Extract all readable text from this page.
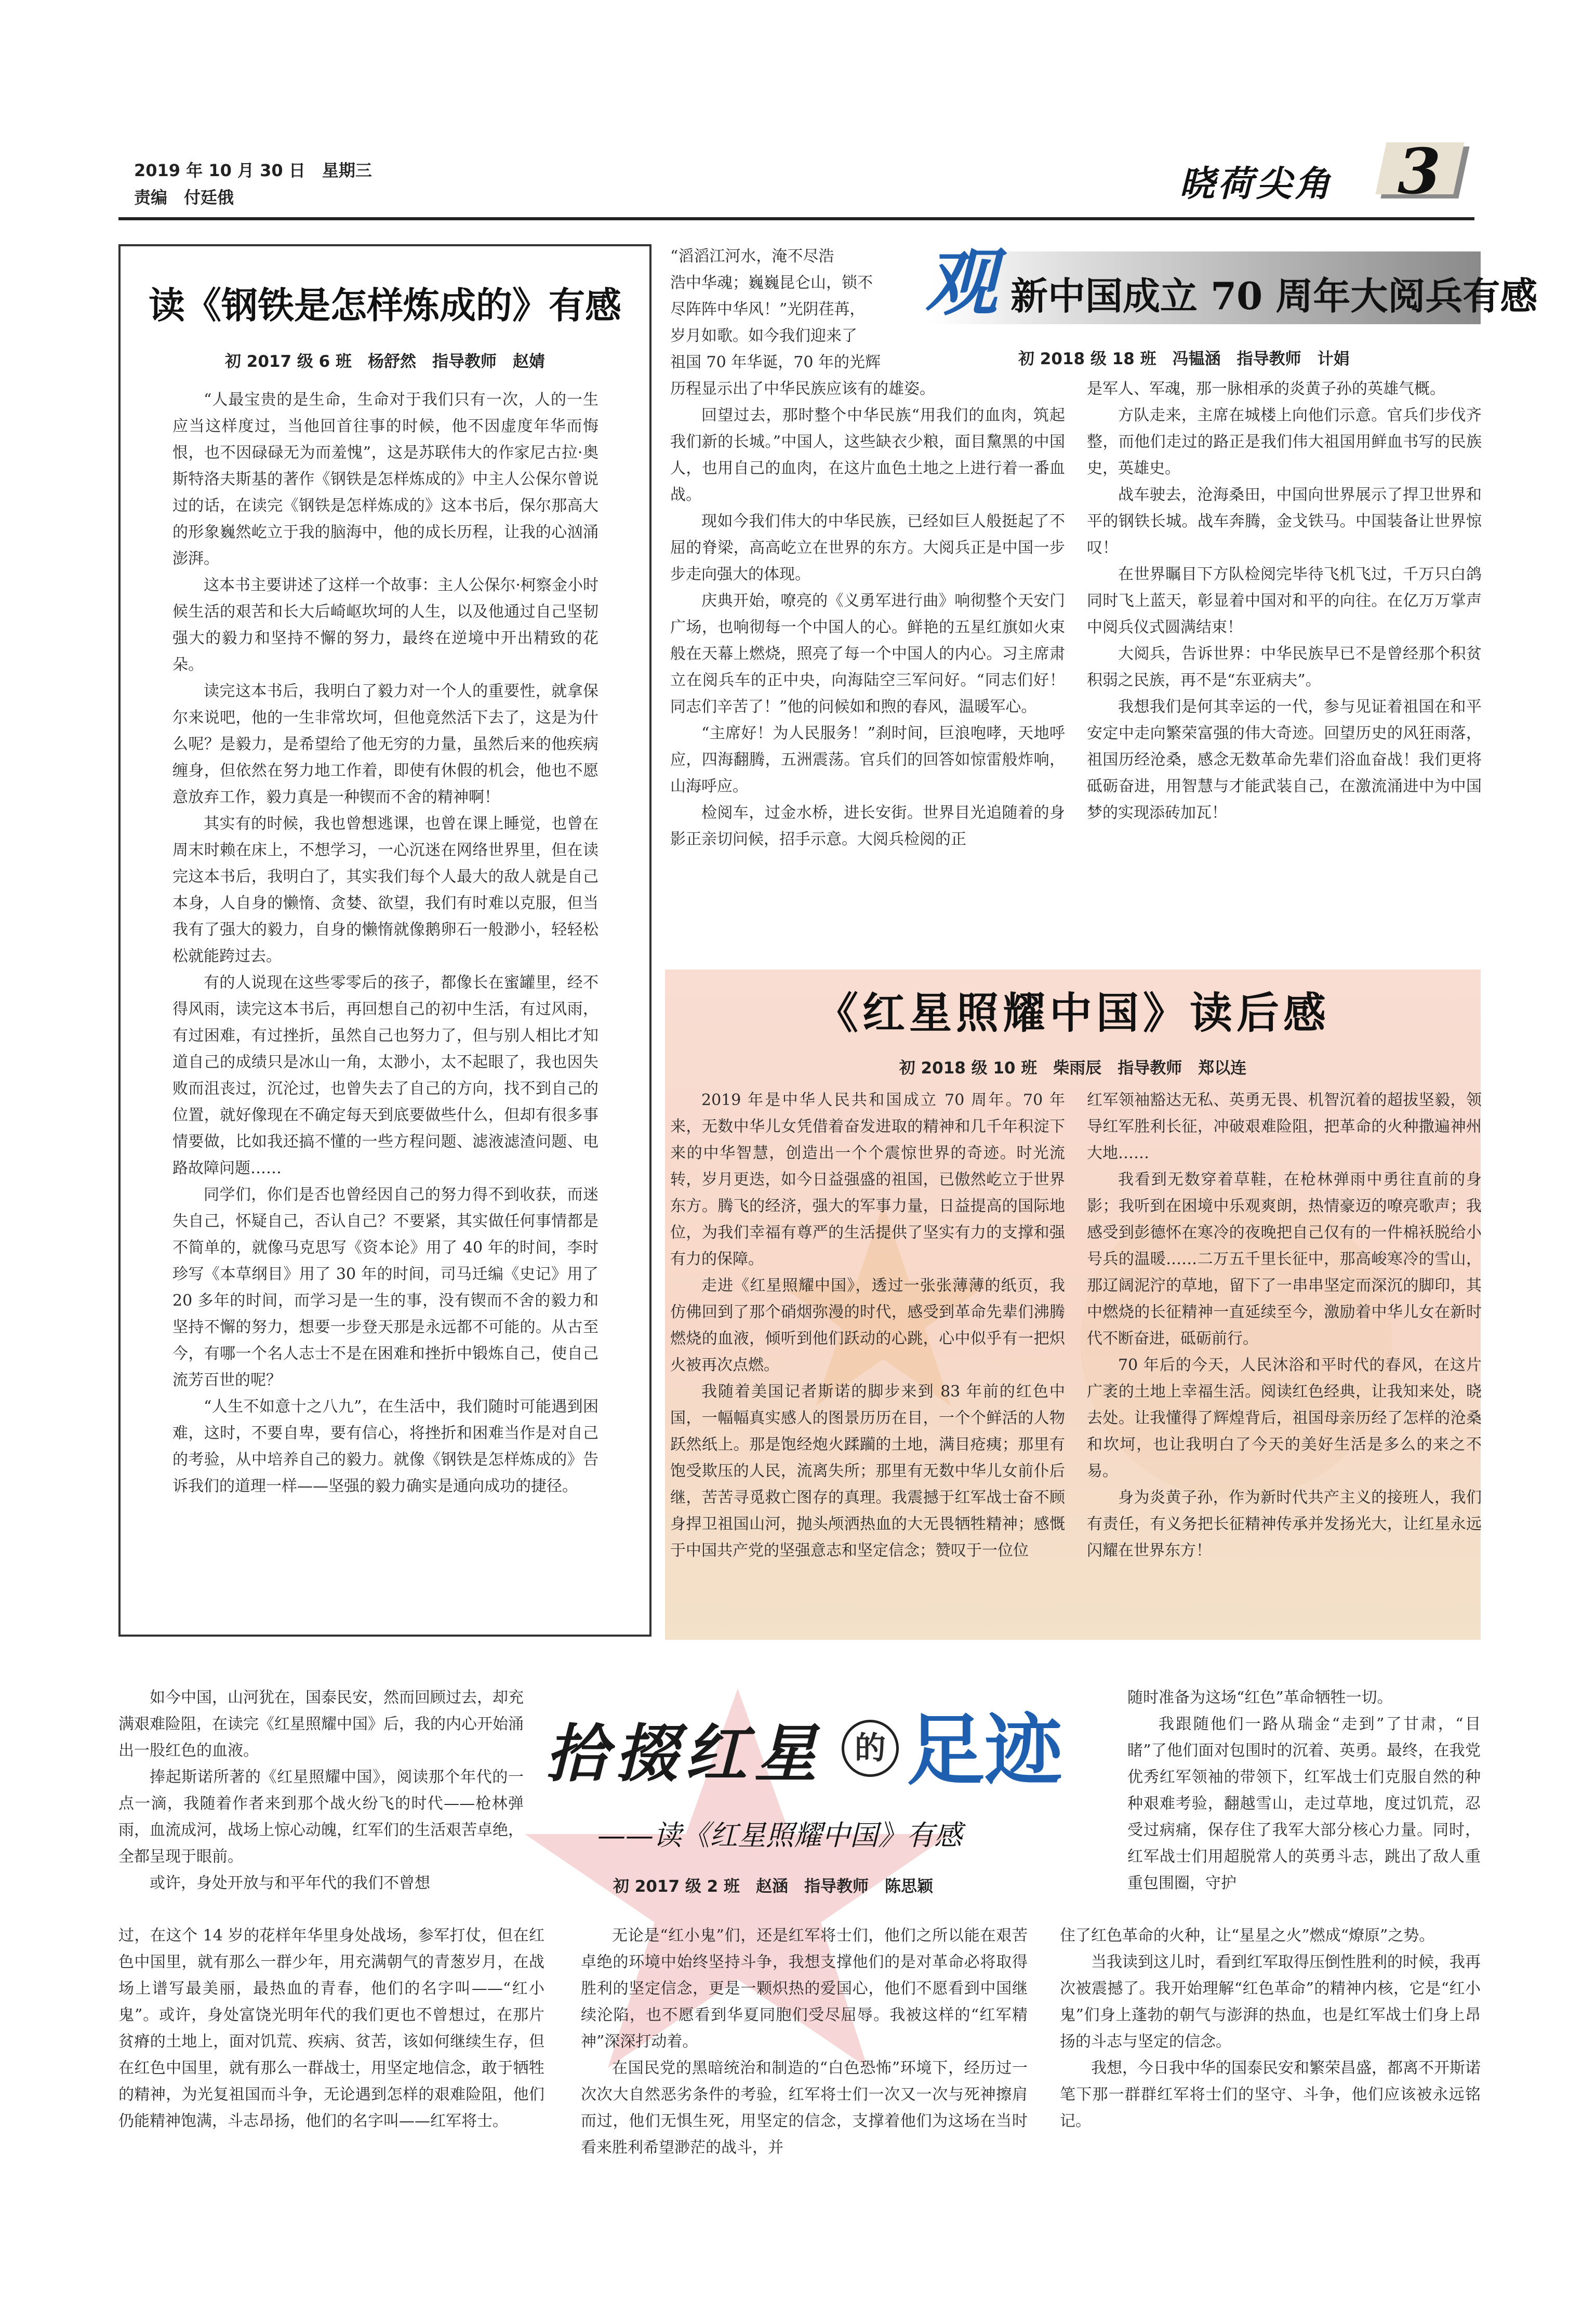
2019 年 10 月 30 日　星期三
责编　付廷俄	晓荷尖角 3
读《钢铁是怎样炼成的》有感
初 2017 级 6 班　杨舒然　指导教师　赵婧

“人最宝贵的是生命，生命对于我们只有一次，人的一生应当这样度过，当他回首往事的时候，他不因虚度年华而悔恨，也不因碌碌无为而羞愧”，这是苏联伟大的作家尼古拉·奥斯特洛夫斯基的著作《钢铁是怎样炼成的》中主人公保尔曾说过的话，在读完《钢铁是怎样炼成的》这本书后，保尔那高大的形象巍然屹立于我的脑海中，他的成长历程，让我的心汹涌澎湃。

这本书主要讲述了这样一个故事：主人公保尔·柯察金小时候生活的艰苦和长大后崎岖坎坷的人生，以及他通过自己坚韧强大的毅力和坚持不懈的努力，最终在逆境中开出精致的花朵。

读完这本书后，我明白了毅力对一个人的重要性，就拿保尔来说吧，他的一生非常坎坷，但他竟然活下去了，这是为什么呢？是毅力，是希望给了他无穷的力量，虽然后来的他疾病缠身，但依然在努力地工作着，即使有休假的机会，他也不愿意放弃工作，毅力真是一种锲而不舍的精神啊！

其实有的时候，我也曾想逃课，也曾在课上睡觉，也曾在周末时赖在床上，不想学习，一心沉迷在网络世界里，但在读完这本书后，我明白了，其实我们每个人最大的敌人就是自己本身，人自身的懒惰、贪婪、欲望，我们有时难以克服，但当我有了强大的毅力，自身的懒惰就像鹅卵石一般渺小，轻轻松松就能跨过去。

有的人说现在这些零零后的孩子，都像长在蜜罐里，经不得风雨，读完这本书后，再回想自己的初中生活，有过风雨，有过困难，有过挫折，虽然自己也努力了，但与别人相比才知道自己的成绩只是冰山一角，太渺小，太不起眼了，我也因失败而沮丧过，沉沦过，也曾失去了自己的方向，找不到自己的位置，就好像现在不确定每天到底要做些什么，但却有很多事情要做，比如我还搞不懂的一些方程问题、滤液滤渣问题、电路故障问题……

同学们，你们是否也曾经因自己的努力得不到收获，而迷失自己，怀疑自己，否认自己？不要紧，其实做任何事情都是不简单的，就像马克思写《资本论》用了 40 年的时间，李时珍写《本草纲目》用了 30 年的时间，司马迁编《史记》用了 20 多年的时间，而学习是一生的事，没有锲而不舍的毅力和坚持不懈的努力，想要一步登天那是永远都不可能的。从古至今，有哪一个名人志士不是在困难和挫折中锻炼自己，使自己流芳百世的呢？

“人生不如意十之八九”，在生活中，我们随时可能遇到困难，这时，不要自卑，要有信心，将挫折和困难当作是对自己的考验，从中培养自己的毅力。就像《钢铁是怎样炼成的》告诉我们的道理一样——坚强的毅力确实是通向成功的捷径。

观 新中国成立 70 周年大阅兵有感
初 2018 级 18 班　冯韫涵　指导教师　计娟
“滔滔江河水，淹不尽浩
浩中华魂；巍巍昆仑山，锁不
尽阵阵中华风！”光阴荏苒，
岁月如歌。如今我们迎来了
祖国 70 年华诞，70 年的光辉

历程显示出了中华民族应该有的雄姿。

回望过去，那时整个中华民族“用我们的血肉，筑起我们新的长城。”中国人，这些缺衣少粮，面目黧黑的中国人，也用自己的血肉，在这片血色土地之上进行着一番血战。

现如今我们伟大的中华民族，已经如巨人般挺起了不屈的脊梁，高高屹立在世界的东方。大阅兵正是中国一步步走向强大的体现。

庆典开始，嘹亮的《义勇军进行曲》响彻整个天安门广场，也响彻每一个中国人的心。鲜艳的五星红旗如火束般在天幕上燃烧，照亮了每一个中国人的内心。习主席肃立在阅兵车的正中央，向海陆空三军问好。“同志们好！同志们辛苦了！”他的问候如和煦的春风，温暖军心。

“主席好！为人民服务！”刹时间，巨浪咆哮，天地呼应，四海翻腾，五洲震荡。官兵们的回答如惊雷般炸响，山海呼应。

检阅车，过金水桥，进长安街。世界目光追随着的身影正亲切问候，招手示意。大阅兵检阅的正

是军人、军魂，那一脉相承的炎黄子孙的英雄气概。

方队走来，主席在城楼上向他们示意。官兵们步伐齐整，而他们走过的路正是我们伟大祖国用鲜血书写的民族史，英雄史。

战车驶去，沧海桑田，中国向世界展示了捍卫世界和平的钢铁长城。战车奔腾，金戈铁马。中国装备让世界惊叹！

在世界瞩目下方队检阅完毕待飞机飞过，千万只白鸽同时飞上蓝天，彰显着中国对和平的向往。在亿万万掌声中阅兵仪式圆满结束！

大阅兵，告诉世界：中华民族早已不是曾经那个积贫积弱之民族，再不是“东亚病夫”。

我想我们是何其幸运的一代，参与见证着祖国在和平安定中走向繁荣富强的伟大奇迹。回望历史的风狂雨落，祖国历经沧桑，感念无数革命先辈们浴血奋战！我们更将砥砺奋进，用智慧与才能武装自己，在激流涌进中为中国梦的实现添砖加瓦！

《红星照耀中国》读后感
初 2018 级 10 班　柴雨辰　指导教师　郑以连

2019 年是中华人民共和国成立 70 周年。70 年来，无数中华儿女凭借着奋发进取的精神和几千年积淀下来的中华智慧，创造出一个个震惊世界的奇迹。时光流转，岁月更迭，如今日益强盛的祖国，已傲然屹立于世界东方。腾飞的经济，强大的军事力量，日益提高的国际地位，为我们幸福有尊严的生活提供了坚实有力的支撑和强有力的保障。

走进《红星照耀中国》，透过一张张薄薄的纸页，我仿佛回到了那个硝烟弥漫的时代，感受到革命先辈们沸腾燃烧的血液，倾听到他们跃动的心跳，心中似乎有一把炽火被再次点燃。

我随着美国记者斯诺的脚步来到 83 年前的红色中国，一幅幅真实感人的图景历历在目，一个个鲜活的人物跃然纸上。那是饱经炮火蹂躏的土地，满目疮痍；那里有饱受欺压的人民，流离失所；那里有无数中华儿女前仆后继，苦苦寻觅救亡图存的真理。我震撼于红军战士奋不顾身捍卫祖国山河，抛头颅洒热血的大无畏牺牲精神；感慨于中国共产党的坚强意志和坚定信念；赞叹于一位位

红军领袖豁达无私、英勇无畏、机智沉着的超拔坚毅，领导红军胜利长征，冲破艰难险阻，把革命的火种撒遍神州大地……

我看到无数穿着草鞋，在枪林弹雨中勇往直前的身影；我听到在困境中乐观爽朗，热情豪迈的嘹亮歌声；我感受到彭德怀在寒冷的夜晚把自己仅有的一件棉袄脱给小号兵的温暖……二万五千里长征中，那高峻寒冷的雪山，那辽阔泥泞的草地，留下了一串串坚定而深沉的脚印，其中燃烧的长征精神一直延续至今，激励着中华儿女在新时代不断奋进，砥砺前行。

70 年后的今天，人民沐浴和平时代的春风，在这片广袤的土地上幸福生活。阅读红色经典，让我知来处，晓去处。让我懂得了辉煌背后，祖国母亲历经了怎样的沧桑和坎坷，也让我明白了今天的美好生活是多么的来之不易。

身为炎黄子孙，作为新时代共产主义的接班人，我们有责任，有义务把长征精神传承并发扬光大，让红星永远闪耀在世界东方！

拾掇红星 的 足迹
——读《红星照耀中国》有感
初 2017 级 2 班　赵涵　指导教师　陈思颖

如今中国，山河犹在，国泰民安，然而回顾过去，却充满艰难险阻，在读完《红星照耀中国》后，我的内心开始涌出一股红色的血液。

捧起斯诺所著的《红星照耀中国》，阅读那个年代的一点一滴，我随着作者来到那个战火纷飞的时代——枪林弹雨，血流成河，战场上惊心动魄，红军们的生活艰苦卓绝，全都呈现于眼前。

或许，身处开放与和平年代的我们不曾想

过，在这个 14 岁的花样年华里身处战场，参军打仗，但在红色中国里，就有那么一群少年，用充满朝气的青葱岁月，在战场上谱写最美丽，最热血的青春，他们的名字叫——“红小鬼”。或许，身处富饶光明年代的我们更也不曾想过，在那片贫瘠的土地上，面对饥荒、疾病、贫苦，该如何继续生存，但在红色中国里，就有那么一群战士，用坚定地信念，敢于牺牲的精神，为光复祖国而斗争，无论遇到怎样的艰难险阻，他们仍能精神饱满，斗志昂扬，他们的名字叫——红军将士。

无论是“红小鬼”们，还是红军将士们，他们之所以能在艰苦卓绝的环境中始终坚持斗争，我想支撑他们的是对革命必将取得胜利的坚定信念，更是一颗炽热的爱国心，他们不愿看到中国继续沦陷，也不愿看到华夏同胞们受尽屈辱。我被这样的“红军精神”深深打动着。

在国民党的黑暗统治和制造的“白色恐怖”环境下，经历过一次次大自然恶劣条件的考验，红军将士们一次又一次与死神擦肩而过，他们无惧生死，用坚定的信念，支撑着他们为这场在当时看来胜利希望渺茫的战斗，并

随时准备为这场“红色”革命牺牲一切。

我跟随他们一路从瑞金“走到”了甘肃，“目睹”了他们面对包围时的沉着、英勇。最终，在我党优秀红军领袖的带领下，红军战士们克服自然的种种艰难考验，翻越雪山，走过草地，度过饥荒，忍受过病痛，保存住了我军大部分核心力量。同时，红军战士们用超脱常人的英勇斗志，跳出了敌人重重包围圈，守护

住了红色革命的火种，让“星星之火”燃成“燎原”之势。

当我读到这儿时，看到红军取得压倒性胜利的时候，我再次被震撼了。我开始理解“红色革命”的精神内核，它是“红小鬼”们身上蓬勃的朝气与澎湃的热血，也是红军战士们身上昂扬的斗志与坚定的信念。

我想，今日我中华的国泰民安和繁荣昌盛，都离不开斯诺笔下那一群群红军将士们的坚守、斗争，他们应该被永远铭记。
